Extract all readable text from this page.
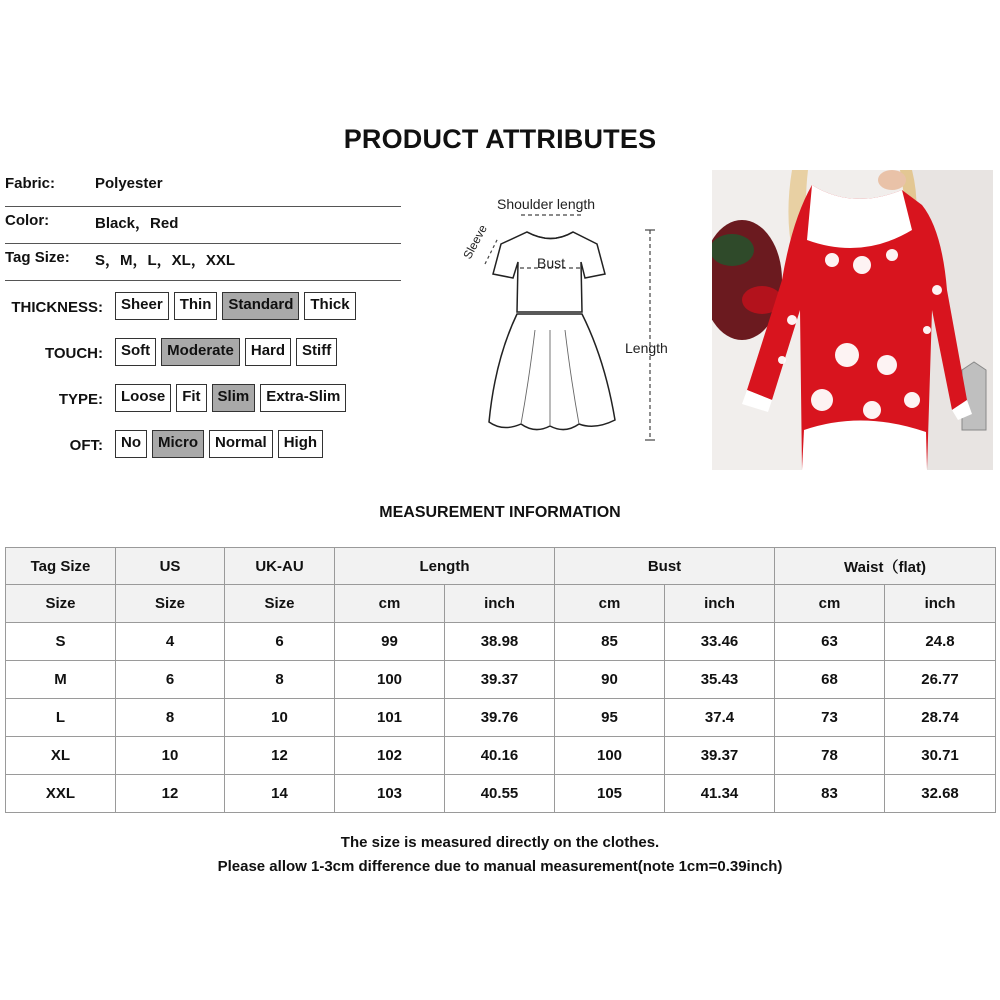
PRODUCT ATTRIBUTES
Fabric:	Polyester
Color:	Black，Red
Tag Size: S，M，L，XL，XXL
THICKNESS:	Sheer	Thin	Standard	Thick
TOUCH:	Soft	Moderate	Hard	Stiff
TYPE:	Loose	Fit	Slim	Extra-Slim
OFT:	No	Micro	Normal	High
Shoulder length
Sleeve
Bust
Length
MEASUREMENT INFORMATION
Tag Size	US	UK-AU	Length		Bust		Waist（flat)	
Size	Size	Size	cm	inch	cm	inch	cm	inch
S	4	6	99	38.98	85	33.46	63	24.8
M	6	8	100	39.37	90	35.43	68	26.77
L	8	10	101	39.76	95	37.4	73	28.74
XL	10	12	102	40.16	100	39.37	78	30.71
XXL	12	14	103	40.55	105	41.34	83	32.68
The size is measured directly on the clothes.
Please allow 1-3cm difference due to manual measurement(note 1cm=0.39inch)
